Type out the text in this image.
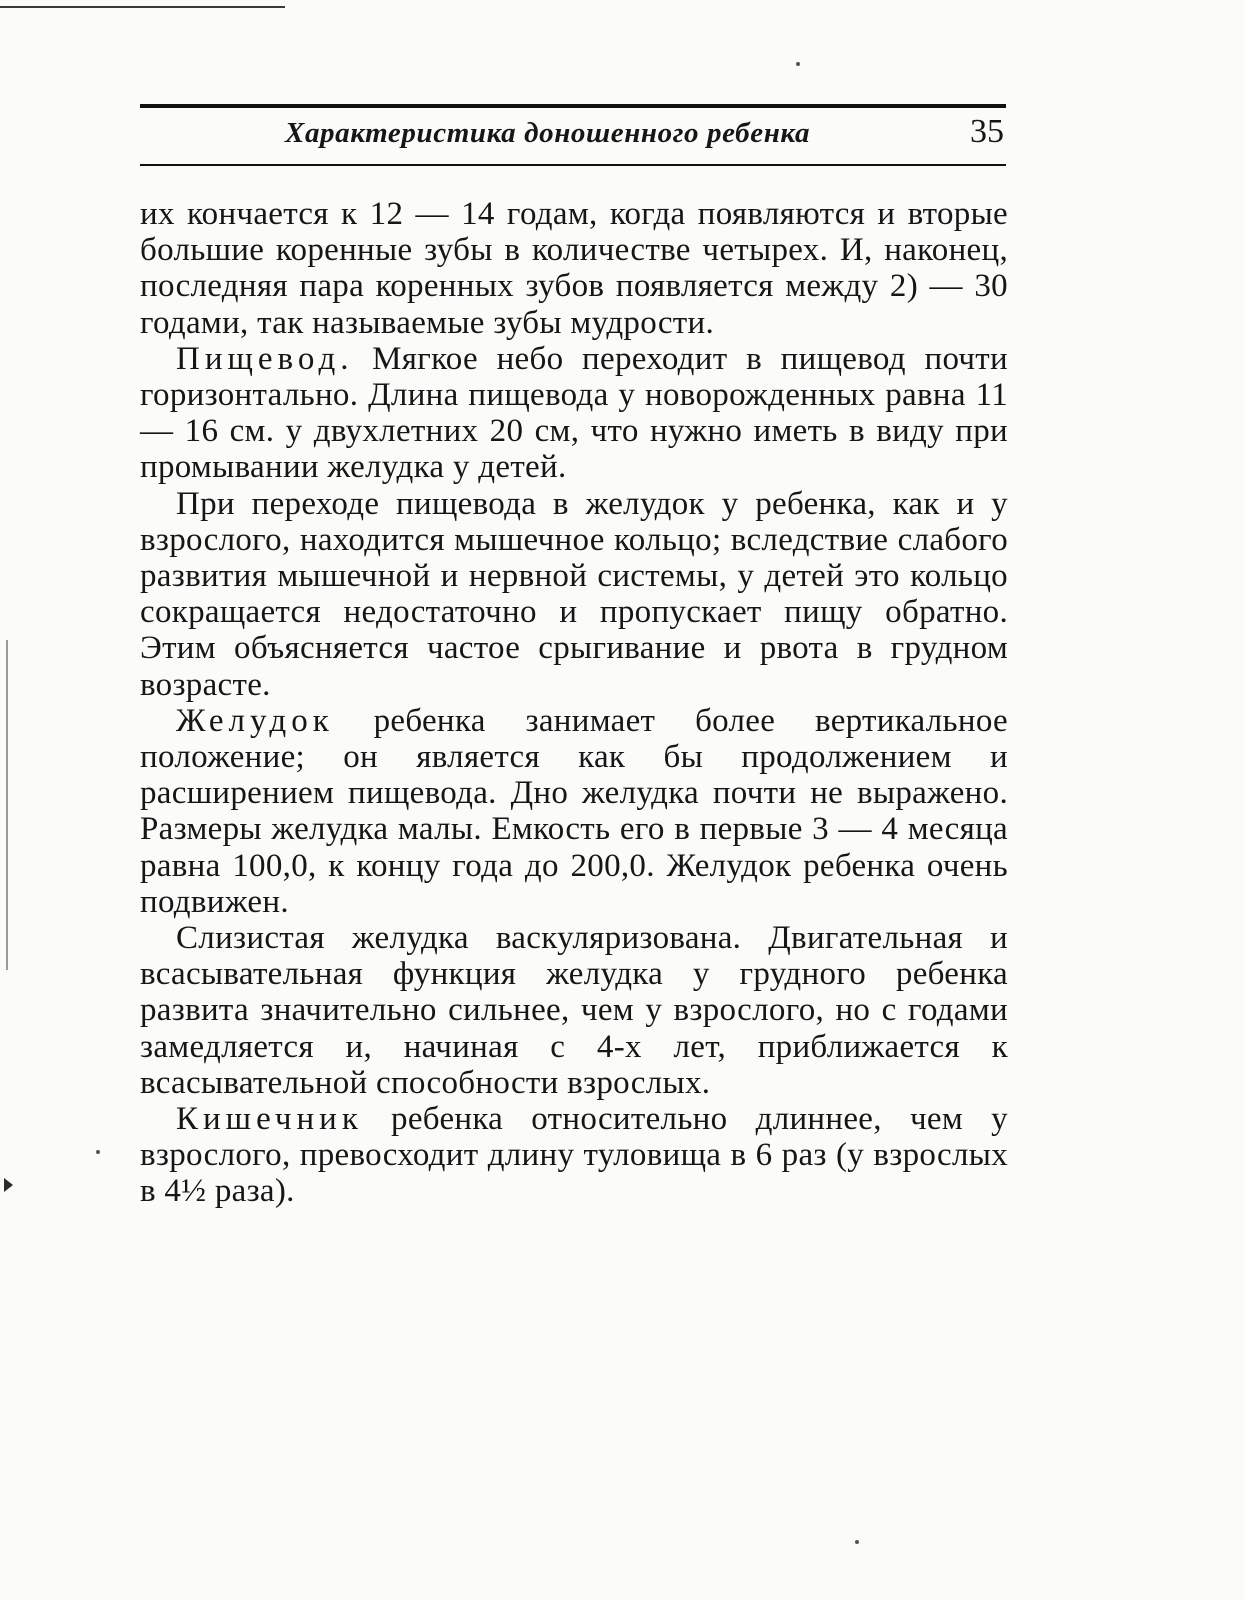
Характеристика доношенного ребенка	35

их кончается к 12 — 14 годам, когда появляются и вторые большие коренные зубы в количестве четырех. И, наконец, последняя пара коренных зубов появляется между 2) — 30 годами, так называемые зубы мудрости.

Пищевод. Мягкое небо переходит в пищевод почти горизонтально. Длина пищевода у новорожденных равна 11 — 16 см. у двухлетних 20 см, что нужно иметь в виду при промывании желудка у детей.

При переходе пищевода в желудок у ребенка, как и у взрослого, находится мышечное кольцо; вследствие слабого развития мышечной и нервной системы, у детей это кольцо сокращается недостаточно и пропускает пищу обратно. Этим объясняется частое срыгивание и рвота в грудном возрасте.

Желудок ребенка занимает более вертикальное положение; он является как бы продолжением и расширением пищевода. Дно желудка почти не выражено. Размеры желудка малы. Емкость его в первые 3 — 4 месяца равна 100,0, к концу года до 200,0. Желудок ребенка очень подвижен.

Слизистая желудка васкуляризована. Двигательная и всасывательная функция желудка у грудного ребенка развита значительно сильнее, чем у взрослого, но с годами замедляется и, начиная с 4-х лет, приближается к всасывательной способности взрослых.

Кишечник ребенка относительно длиннее, чем у взрослого, превосходит длину туловища в 6 раз (у взрослых в 4½ раза).
